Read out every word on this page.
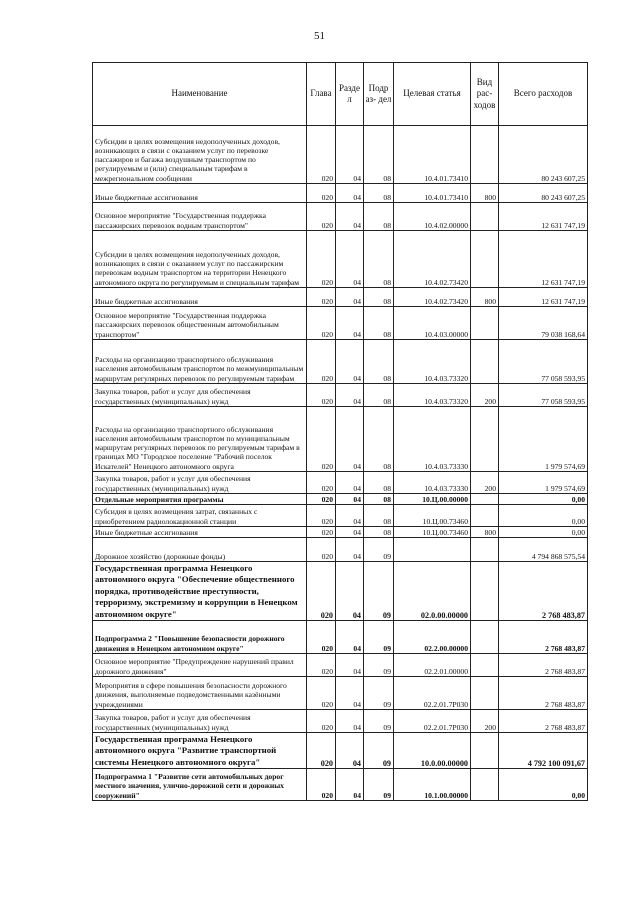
51
Наименование	Глава	Разде л	Подр аз- дел	Целевая статья	Вид рас- ходов	Всего расходов
Субсидии в целях возмещения недополученных доходов, возникающих в связи с оказанием услуг по перевозке пассажиров и багажа воздушным транспортом по регулируемым и (или) специальным тарифам в межрегиональном сообщении	020	04	08	10.4.01.73410		80 243 607,25
Иные бюджетные ассигнования	020	04	08	10.4.01.73410	800	80 243 607,25
Основное мероприятие "Государственная поддержка пассажирских перевозок водным транспортом"	020	04	08	10.4.02.00000		12 631 747,19
Субсидии в целях возмещения недополученных доходов, возникающих в связи с оказанием услуг по пассажирским перевозкам водным транспортом на территории Ненецкого автономного округа по регулируемым и специальным тарифам	020	04	08	10.4.02.73420		12 631 747,19
Иные бюджетные ассигнования	020	04	08	10.4.02.73420	800	12 631 747,19
Основное мероприятие "Государственная поддержка пассажирских перевозок общественным автомобильным транспортом"	020	04	08	10.4.03.00000		79 038 168,64
Расходы на организацию транспортного обслуживания населения автомобильным транспортом по межмуниципальным маршрутам регулярных перевозок по регулируемым тарифам	020	04	08	10.4.03.73320		77 058 593,95
Закупка товаров, работ и услуг для обеспечения государственных (муниципальных) нужд	020	04	08	10.4.03.73320	200	77 058 593,95
Расходы на организацию транспортного обслуживания населения автомобильным транспортом по муниципальным маршрутам регулярных перевозок по регулируемым тарифам в границах МО "Городское поселение "Рабочий поселок Искателей" Ненецкого автономного округа	020	04	08	10.4.03.73330		1 979 574,69
Закупка товаров, работ и услуг для обеспечения государственных (муниципальных) нужд	020	04	08	10.4.03.73330	200	1 979 574,69
Отдельные мероприятия программы	020	04	08	10.Ц.00.00000		0,00
Субсидия в целях возмещения затрат, связанных с приобретением радиолокационной станции	020	04	08	10.Ц.00.73460		0,00
Иные бюджетные ассигнования	020	04	08	10.Ц.00.73460	800	0,00
Дорожное хозяйство (дорожные фонды)	020	04	09			4 794 868 575,54
Государственная программа Ненецкого автономного округа "Обеспечение общественного порядка, противодействие преступности, терроризму, экстремизму и коррупции в Ненецком автономном округе"	020	04	09	02.0.00.00000		2 768 483,87
Подпрограмма 2 "Повышение безопасности дорожного движения в Ненецком автономном округе"	020	04	09	02.2.00.00000		2 768 483,87
Основное мероприятие "Предупреждение нарушений правил дорожного движения"	020	04	09	02.2.01.00000		2 768 483,87
Мероприятия в сфере повышения безопасности дорожного движения, выполняемые подведомственными казёнными учреждениями	020	04	09	02.2.01.7Р030		2 768 483,87
Закупка товаров, работ и услуг для обеспечения государственных (муниципальных) нужд	020	04	09	02.2.01.7Р030	200	2 768 483,87
Государственная программа Ненецкого автономного округа "Развитие транспортной системы Ненецкого автономного округа"	020	04	09	10.0.00.00000		4 792 100 091,67
Подпрограмма 1 "Развитие сети автомобильных дорог местного значения, улично-дорожной сети и дорожных сооружений"	020	04	09	10.1.00.00000		0,00
